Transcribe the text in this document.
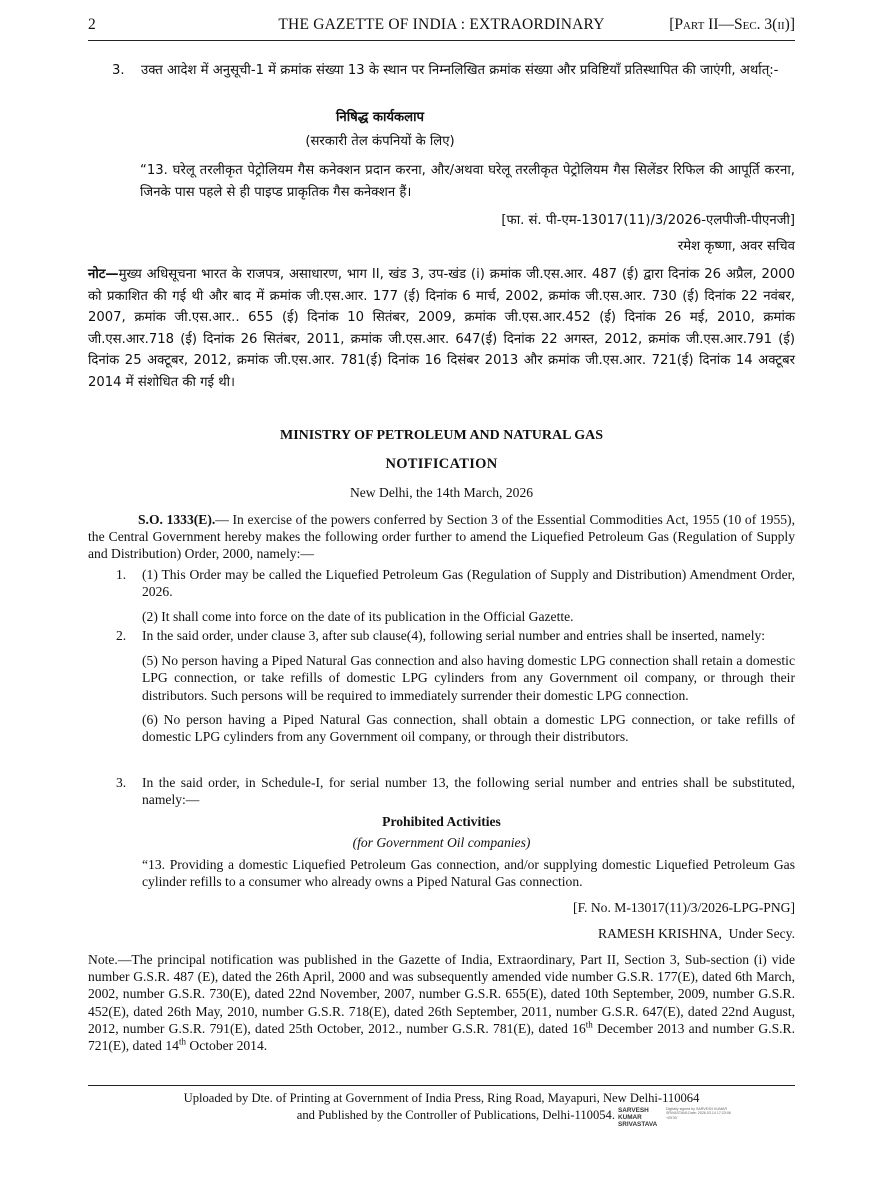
2	THE GAZETTE OF INDIA : EXTRAORDINARY	[Part II—Sec. 3(ii)]
3. उक्त आदेश में अनुसूची-1 में क्रमांक संख्या 13 के स्थान पर निम्नलिखित क्रमांक संख्या और प्रविष्टियाँ प्रतिस्थापित की जाएंगी, अर्थात्:-
निषिद्ध कार्यकलाप
(सरकारी तेल कंपनियों के लिए)
“13. घरेलू तरलीकृत पेट्रोलियम गैस कनेक्शन प्रदान करना, और/अथवा घरेलू तरलीकृत पेट्रोलियम गैस सिलेंडर रिफिल की आपूर्ति करना, जिनके पास पहले से ही पाइप्ड प्राकृतिक गैस कनेक्शन हैं।
[फा. सं. पी-एम-13017(11)/3/2026-एलपीजी-पीएनजी]
रमेश कृष्णा, अवर सचिव
नोट—मुख्य अधिसूचना भारत के राजपत्र, असाधारण, भाग II, खंड 3, उप-खंड (i) क्रमांक जी.एस.आर. 487 (ई) द्वारा दिनांक 26 अप्रैल, 2000 को प्रकाशित की गई थी और बाद में क्रमांक जी.एस.आर. 177 (ई) दिनांक 6 मार्च, 2002, क्रमांक जी.एस.आर. 730 (ई) दिनांक 22 नवंबर, 2007, क्रमांक जी.एस.आर.. 655 (ई) दिनांक 10 सितंबर, 2009, क्रमांक जी.एस.आर.452 (ई) दिनांक 26 मई, 2010, क्रमांक जी.एस.आर.718 (ई) दिनांक 26 सितंबर, 2011, क्रमांक जी.एस.आर. 647(ई) दिनांक 22 अगस्त, 2012, क्रमांक जी.एस.आर.791 (ई) दिनांक 25 अक्टूबर, 2012, क्रमांक जी.एस.आर. 781(ई) दिनांक 16 दिसंबर 2013 और क्रमांक जी.एस.आर. 721(ई) दिनांक 14 अक्टूबर 2014 में संशोधित की गई थी।
MINISTRY OF PETROLEUM AND NATURAL GAS
NOTIFICATION
New Delhi, the 14th March, 2026
S.O. 1333(E).— In exercise of the powers conferred by Section 3 of the Essential Commodities Act, 1955 (10 of 1955), the Central Government hereby makes the following order further to amend the Liquefied Petroleum Gas (Regulation of Supply and Distribution) Order, 2000, namely:—
1. (1) This Order may be called the Liquefied Petroleum Gas (Regulation of Supply and Distribution) Amendment Order, 2026.
(2) It shall come into force on the date of its publication in the Official Gazette.
2. In the said order, under clause 3, after sub clause(4), following serial number and entries shall be inserted, namely:
(5) No person having a Piped Natural Gas connection and also having domestic LPG connection shall retain a domestic LPG connection, or take refills of domestic LPG cylinders from any Government oil company, or through their distributors. Such persons will be required to immediately surrender their domestic LPG connection.
(6) No person having a Piped Natural Gas connection, shall obtain a domestic LPG connection, or take refills of domestic LPG cylinders from any Government oil company, or through their distributors.
3. In the said order, in Schedule-I, for serial number 13, the following serial number and entries shall be substituted, namely:—
Prohibited Activities
(for Government Oil companies)
“13. Providing a domestic Liquefied Petroleum Gas connection, and/or supplying domestic Liquefied Petroleum Gas cylinder refills to a consumer who already owns a Piped Natural Gas connection.
[F. No. M-13017(11)/3/2026-LPG-PNG]
RAMESH KRISHNA,  Under Secy.
Note.—The principal notification was published in the Gazette of India, Extraordinary, Part II, Section 3, Sub-section (i) vide number G.S.R. 487 (E), dated the 26th April, 2000 and was subsequently amended vide number G.S.R. 177(E), dated 6th March, 2002, number G.S.R. 730(E), dated 22nd November, 2007, number G.S.R. 655(E), dated 10th September, 2009, number G.S.R. 452(E), dated 26th May, 2010, number G.S.R. 718(E), dated 26th September, 2011, number G.S.R. 647(E), dated 22nd August, 2012, number G.S.R. 791(E), dated 25th October, 2012., number G.S.R. 781(E), dated 16th December 2013 and number G.S.R. 721(E), dated 14th October 2014.
Uploaded by Dte. of Printing at Government of India Press, Ring Road, Mayapuri, New Delhi-110064
and Published by the Controller of Publications, Delhi-110054. SARVESH KUMAR SRIVASTAVA
Digitally signed by SARVESH KUMAR SRIVASTAVA Date: 2026.03.14 17:23:06 +05'30'
